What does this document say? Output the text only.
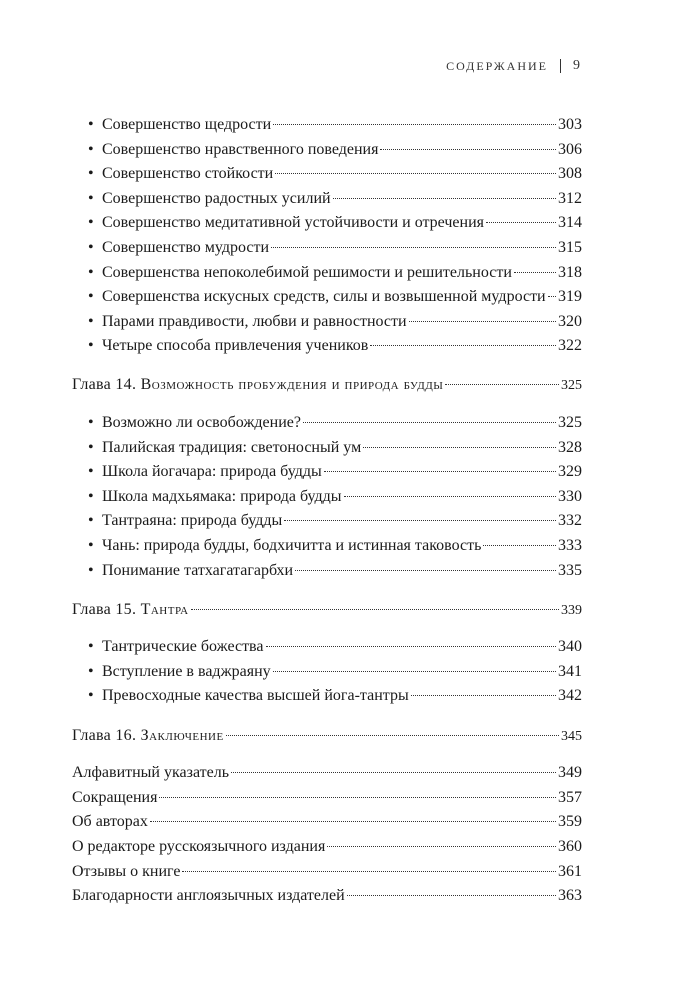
СОДЕРЖАНИЕ 9
• Совершенство щедрости	303
• Совершенство нравственного поведения	306
• Совершенство стойкости	308
• Совершенство радостных усилий	312
• Совершенство медитативной устойчивости и отречения	314
• Совершенство мудрости	315
• Совершенства непоколебимой решимости и решительности	318
• Совершенства искусных средств, силы и возвышенной мудрости 319
• Парами правдивости, любви и равностности	320
• Четыре способа привлечения учеников	322
Глава 14. Возможность пробуждения и природа будды	325
• Возможно ли освобождение?	325
• Палийская традиция: светоносный ум	328
• Школа йогачара: природа будды	329
• Школа мадхьямака: природа будды	330
• Тантраяна: природа будды	332
• Чань: природа будды, бодхичитта и истинная таковость	333
• Понимание татхагатагарбхи	335
Глава 15. Тантра	339
• Тантрические божества	340
• Вступление в ваджраяну	341
• Превосходные качества высшей йога-тантры	342
Глава 16. Заключение	345
Алфавитный указатель	349
Сокращения	357
Об авторах	359
О редакторе русскоязычного издания	360
Отзывы о книге	361
Благодарности англоязычных издателей	363
